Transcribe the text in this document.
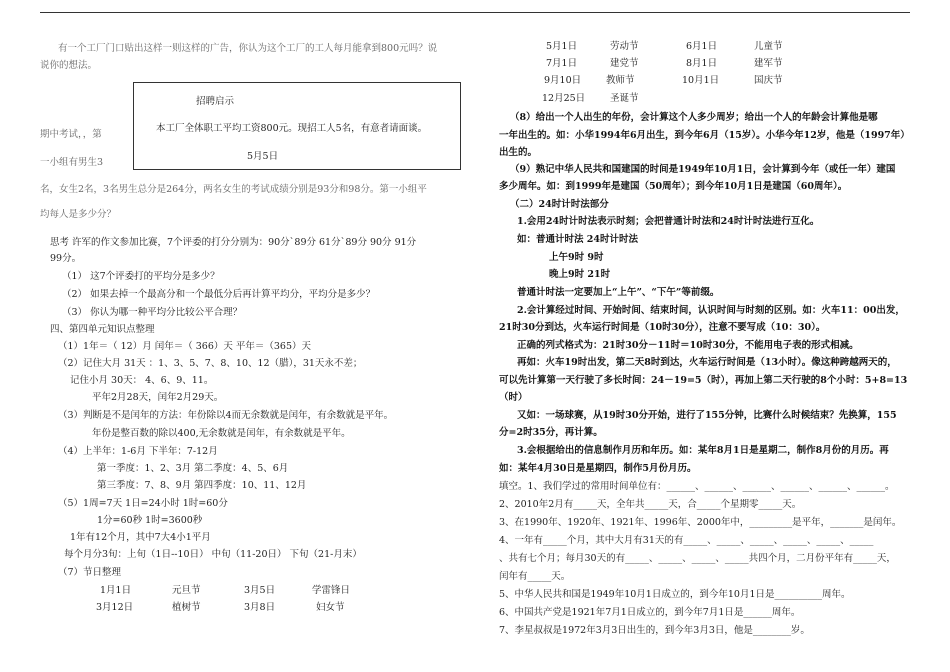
有一个工厂门口贴出这样一则这样的广告，你认为这个工厂的工人每月能拿到800元吗？说
说你的想法。
招聘启示
本工厂全体职工平均工资800元。现招工人5名，有意者请面谈。
5月5日
期中考试，，第
一小组有男生3
名，女生2名，3名男生总分是264分，两名女生的考试成绩分别是93分和98分。第一小组平
均每人是多少分？
思考 许军的作文参加比赛，7个评委的打分分别为：90分`89分 61分`89分 90分 91分
99分。
（1） 这7个评委打的平均分是多少？
（2） 如果去掉一个最高分和一个最低分后再计算平均分，平均分是多少？
（3） 你认为哪一种平均分比较公平合理？
四、第四单元知识点整理
（1）1年＝（ 12）月 闰年＝（ 366）天 平年＝（365）天
（2）记住大月 31天 ：1、3、5、7、8、10、12（腊），31天永不差；
记住小月 30天： 4、6、9、11。
平年2月28天，闰年2月29天。
（3）判断是不是闰年的方法：年份除以4而无余数就是闰年，有余数就是平年。
年份是整百数的除以400,无余数就是闰年，有余数就是平年。
（4）上半年：1-6月 下半年：7-12月
第一季度：1、2、3月 第二季度：4、5、6月
第三季度：7、8、9月 第四季度：10、11、12月
（5）1周=7天 1日=24小时 1时=60分
1分=60秒 1时=3600秒
1年有12个月，其中7大4小1平月
每个月分3旬：上旬（1日--10日） 中旬（11-20日） 下旬（21-月末）
（7）节日整理
1月1日	元旦节	3月5日	学雷锋日
3月12日	植树节	3月8日	妇女节
5月1日	劳动节	6月1日	儿童节
7月1日	建党节	8月1日	建军节
9月10日	教师节	10月1日	国庆节
12月25日	圣诞节
（8）给出一个人出生的年份，会计算这个人多少周岁；给出一个人的年龄会计算他是哪
一年出生的。如：小华1994年6月出生，到今年6月（15岁）。小华今年12岁，他是（1997年）
出生的。
（9）熟记中华人民共和国建国的时间是1949年10月1日，会计算到今年（或任一年）建国
多少周年。如：到1999年是建国（50周年）；到今年10月1日是建国（60周年）。
（二）24时计时法部分
1.会用24时计时法表示时刻；会把普通计时法和24时计时法进行互化。
如：普通计时法 24时计时法
上午9时 9时
晚上9时 21时
普通计时法一定要加上“上午”、“下午”等前缀。
2.会计算经过时间、开始时间、结束时间，认识时间与时刻的区别。如：火车11：00出发，
21时30分到达，火车运行时间是（10时30分），注意不要写成（10：30）。
正确的列式格式为：21时30分－11时＝10时30分，不能用电子表的形式相减。
再如：火车19时出发，第二天8时到达，火车运行时间是（13小时）。像这种跨越两天的，
可以先计算第一天行驶了多长时间：24－19=5（时），再加上第二天行驶的8个小时：5+8=13
（时）
又如：一场球赛，从19时30分开始，进行了155分钟，比赛什么时候结束？先换算，155
分=2时35分，再计算。
3.会根据给出的信息制作月历和年历。如：某年8月1日是星期二，制作8月份的月历。再
如：某年4月30日是星期四，制作5月份月历。
填空。1、我们学过的常用时间单位有：______、______、______、______、______、______。
2、2010年2月有_____天，全年共_____天，合_____个星期零_____天。
3、在1990年、1920年、1921年、1996年、2000年中，_________是平年，_______是闰年。
4、一年有_____个月，其中大月有31天的有_____、_____、_____、_____、_____、_____
、共有七个月；每月30天的有_____、_____、_____、_____共四个月，二月份平年有_____天，
闰年有_____天。
5、中华人民共和国是1949年10月1日成立的，到今年10月1日是__________周年。
6、中国共产党是1921年7月1日成立的，到今年7月1日是______周年。
7、李星叔叔是1972年3月3日出生的，到今年3月3日，他是________岁。
